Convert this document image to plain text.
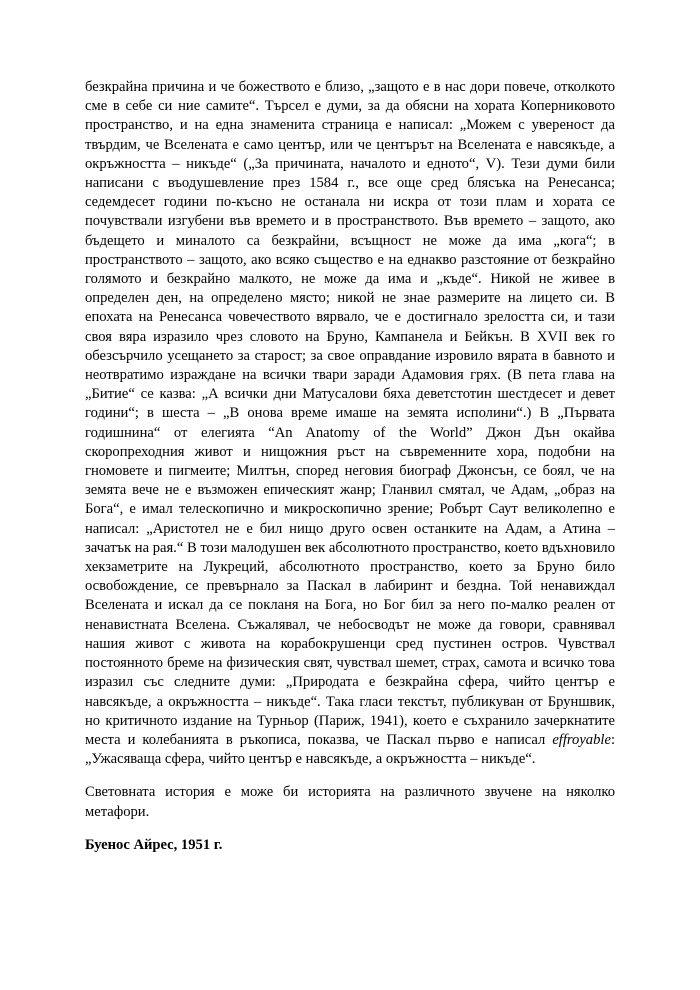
безкрайна причина и че божеството е близо, „защото е в нас дори повече, отколкото сме в себе си ние самите“. Търсел е думи, за да обясни на хората Коперниковото пространство, и на една знаменита страница е написал: „Можем с увереност да твърдим, че Вселената е само център, или че центърът на Вселената е навсякъде, а окръжността – никъде“ („За причината, началото и едното“, V). Тези думи били написани с въодушевление през 1584 г., все още сред блясъка на Ренесанса; седемдесет години по-късно не останала ни искра от този плам и хората се почувствали изгубени във времето и в пространството. Във времето – защото, ако бъдещето и миналото са безкрайни, всъщност не може да има „кога“; в пространството – защото, ако всяко същество е на еднакво разстояние от безкрайно голямото и безкрайно малкото, не може да има и „къде“. Никой не живее в определен ден, на определено място; никой не знае размерите на лицето си. В епохата на Ренесанса човечеството вярвало, че е достигнало зрелостта си, и тази своя вяра изразило чрез словото на Бруно, Кампанела и Бейкън. В XVII век го обезсърчило усещането за старост; за свое оправдание изровило вярата в бавното и неотвратимо израждане на всички твари заради Адамовия грях. (В пета глава на „Битие“ се казва: „А всички дни Матусалови бяха деветстотин шестдесет и девет години“; в шеста – „В онова време имаше на земята исполини“.) В „Първата годишнина“ от елегията “An Anatomy of the World” Джон Дън окайва скоропреходния живот и нищожния ръст на съвременните хора, подобни на гномовете и пигмеите; Милтън, според неговия биограф Джонсън, се боял, че на земята вече не е възможен епическият жанр; Гланвил смятал, че Адам, „образ на Бога“, е имал телескопично и микроскопично зрение; Робърт Саут великолепно е написал: „Аристотел не е бил нищо друго освен останките на Адам, а Атина – зачатък на рая.“ В този малодушен век абсолютното пространство, което вдъхновило хекзаметрите на Лукреций, абсолютното пространство, което за Бруно било освобождение, се превърнало за Паскал в лабиринт и бездна. Той ненавиждал Вселената и искал да се покланя на Бога, но Бог бил за него по-малко реален от ненавистната Вселена. Съжалявал, че небосводът не може да говори, сравнявал нашия живот с живота на корабокрушенци сред пустинен остров. Чувствал постоянното бреме на физическия свят, чувствал шемет, страх, самота и всичко това изразил със следните думи: „Природата е безкрайна сфера, чийто център е навсякъде, а окръжността – никъде“. Така гласи текстът, публикуван от Бруншвик, но критичното издание на Турньор (Париж, 1941), което е съхранило зачеркнатите места и колебанията в ръкописа, показва, че Паскал първо е написал effroyable: „Ужасяваща сфера, чийто център е навсякъде, а окръжността – никъде“.

Световната история е може би историята на различното звучене на няколко метафори.

Буенос Айрес, 1951 г.
